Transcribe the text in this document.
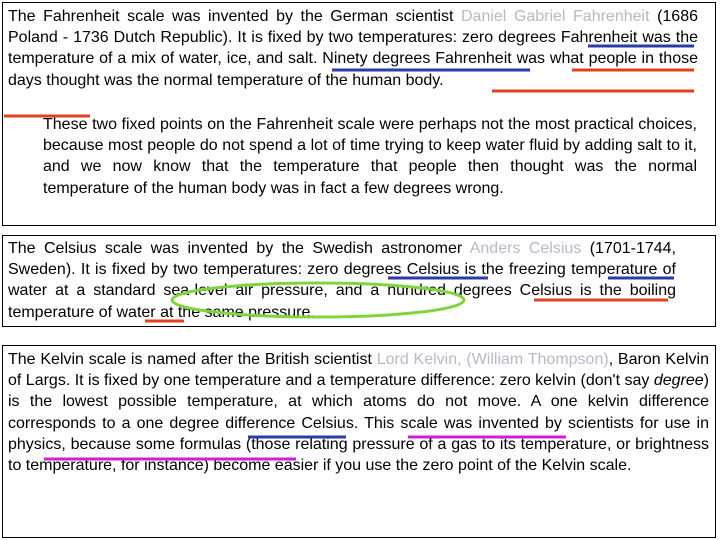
The Fahrenheit scale was invented by the German scientist Daniel Gabriel Fahrenheit (1686 Poland - 1736 Dutch Republic). It is fixed by two temperatures: zero degrees Fahrenheit was the temperature of a mix of water, ice, and salt. Ninety degrees Fahrenheit was what people in those days thought was the normal temperature of the human body.
These two fixed points on the Fahrenheit scale were perhaps not the most practical choices, because most people do not spend a lot of time trying to keep water fluid by adding salt to it, and we now know that the temperature that people then thought was the normal temperature of the human body was in fact a few degrees wrong.
The Celsius scale was invented by the Swedish astronomer Anders Celsius (1701-1744, Sweden). It is fixed by two temperatures: zero degrees Celsius is the freezing temperature of water at a standard sea-level air pressure, and a hundred degrees Celsius is the boiling temperature of water at the same pressure.
The Kelvin scale is named after the British scientist Lord Kelvin, (William Thompson), Baron Kelvin of Largs. It is fixed by one temperature and a temperature difference: zero kelvin (don't say degree) is the lowest possible temperature, at which atoms do not move. A one kelvin difference corresponds to a one degree difference Celsius. This scale was invented by scientists for use in physics, because some formulas (those relating pressure of a gas to its temperature, or brightness to temperature, for instance) become easier if you use the zero point of the Kelvin scale.
